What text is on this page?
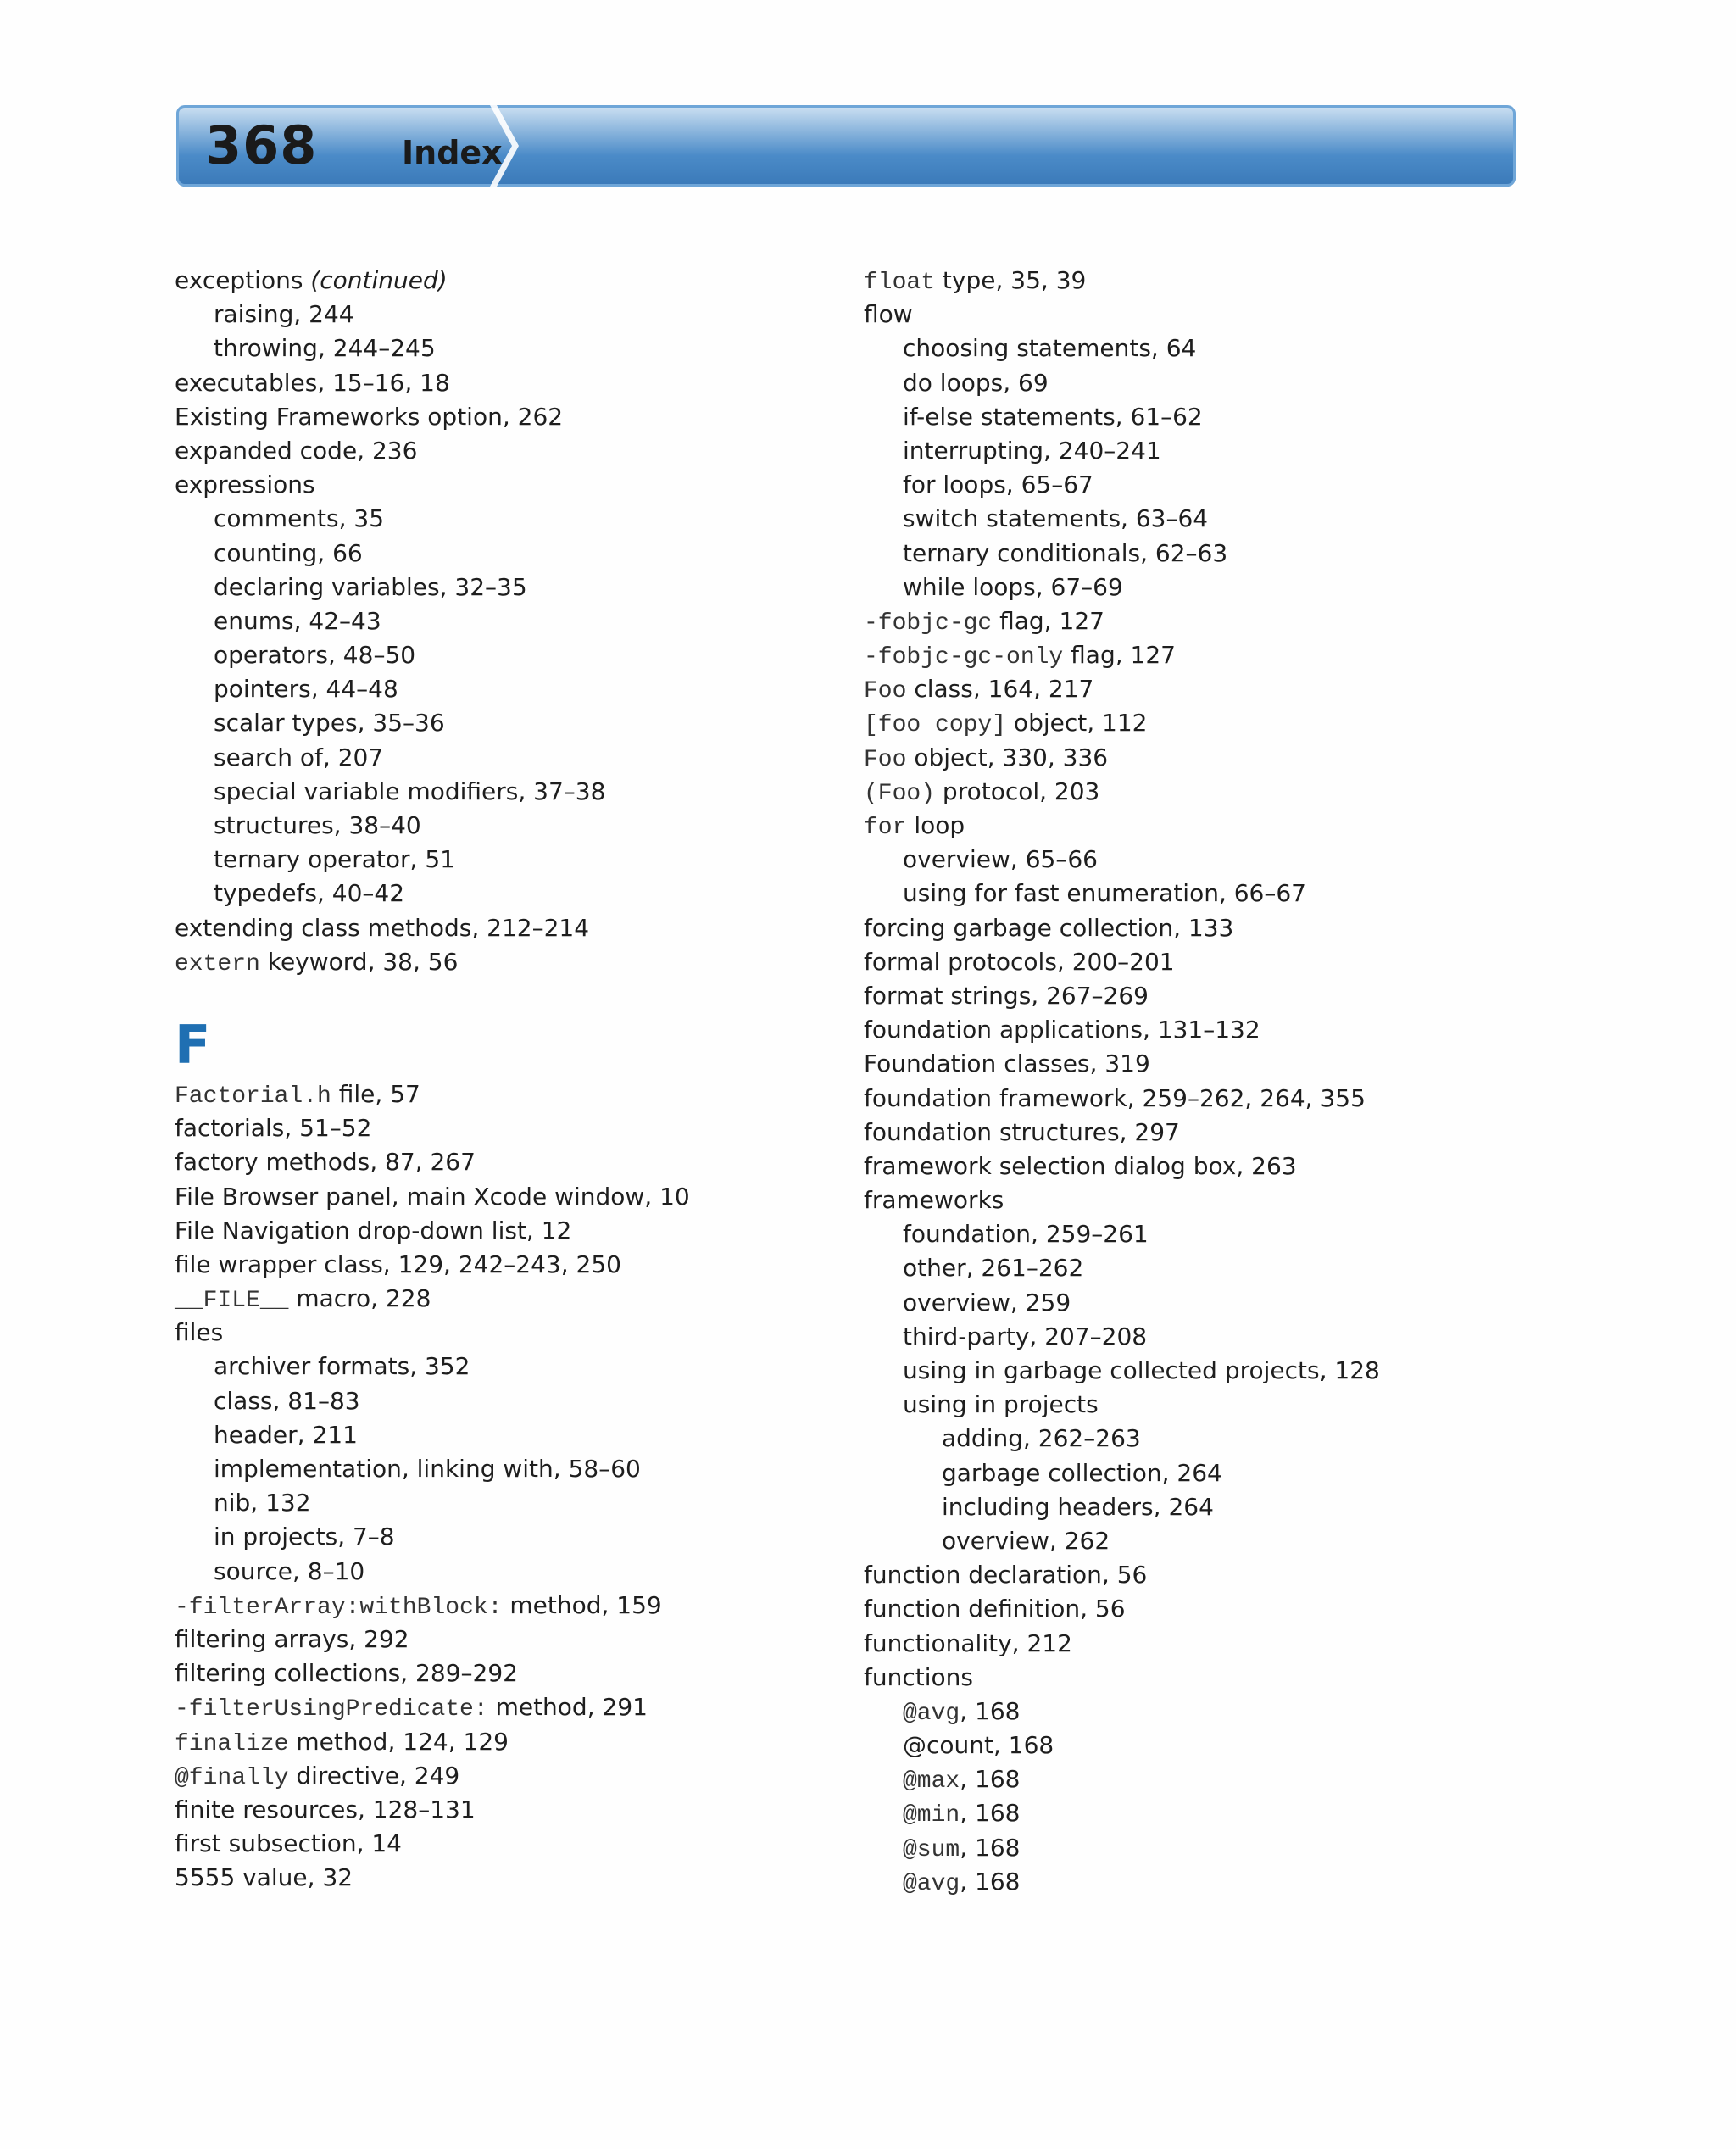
368	Index
exceptions (continued)
raising, 244
throwing, 244–245
executables, 15–16, 18
Existing Frameworks option, 262
expanded code, 236
expressions
comments, 35
counting, 66
declaring variables, 32–35
enums, 42–43
operators, 48–50
pointers, 44–48
scalar types, 35–36
search of, 207
special variable modifiers, 37–38
structures, 38–40
ternary operator, 51
typedefs, 40–42
extending class methods, 212–214
extern keyword, 38, 56
F
Factorial.h file, 57
factorials, 51–52
factory methods, 87, 267
File Browser panel, main Xcode window, 10
File Navigation drop-down list, 12
file wrapper class, 129, 242–243, 250
__FILE__ macro, 228
files
archiver formats, 352
class, 81–83
header, 211
implementation, linking with, 58–60
nib, 132
in projects, 7–8
source, 8–10
-filterArray:withBlock: method, 159
filtering arrays, 292
filtering collections, 289–292
-filterUsingPredicate: method, 291
finalize method, 124, 129
@finally directive, 249
finite resources, 128–131
first subsection, 14
5555 value, 32
float type, 35, 39
flow
choosing statements, 64
do loops, 69
if-else statements, 61–62
interrupting, 240–241
for loops, 65–67
switch statements, 63–64
ternary conditionals, 62–63
while loops, 67–69
-fobjc-gc flag, 127
-fobjc-gc-only flag, 127
Foo class, 164, 217
[foo copy] object, 112
Foo object, 330, 336
(Foo) protocol, 203
for loop
overview, 65–66
using for fast enumeration, 66–67
forcing garbage collection, 133
formal protocols, 200–201
format strings, 267–269
foundation applications, 131–132
Foundation classes, 319
foundation framework, 259–262, 264, 355
foundation structures, 297
framework selection dialog box, 263
frameworks
foundation, 259–261
other, 261–262
overview, 259
third-party, 207–208
using in garbage collected projects, 128
using in projects
adding, 262–263
garbage collection, 264
including headers, 264
overview, 262
function declaration, 56
function definition, 56
functionality, 212
functions
@avg, 168
@count, 168
@max, 168
@min, 168
@sum, 168
@avg, 168
